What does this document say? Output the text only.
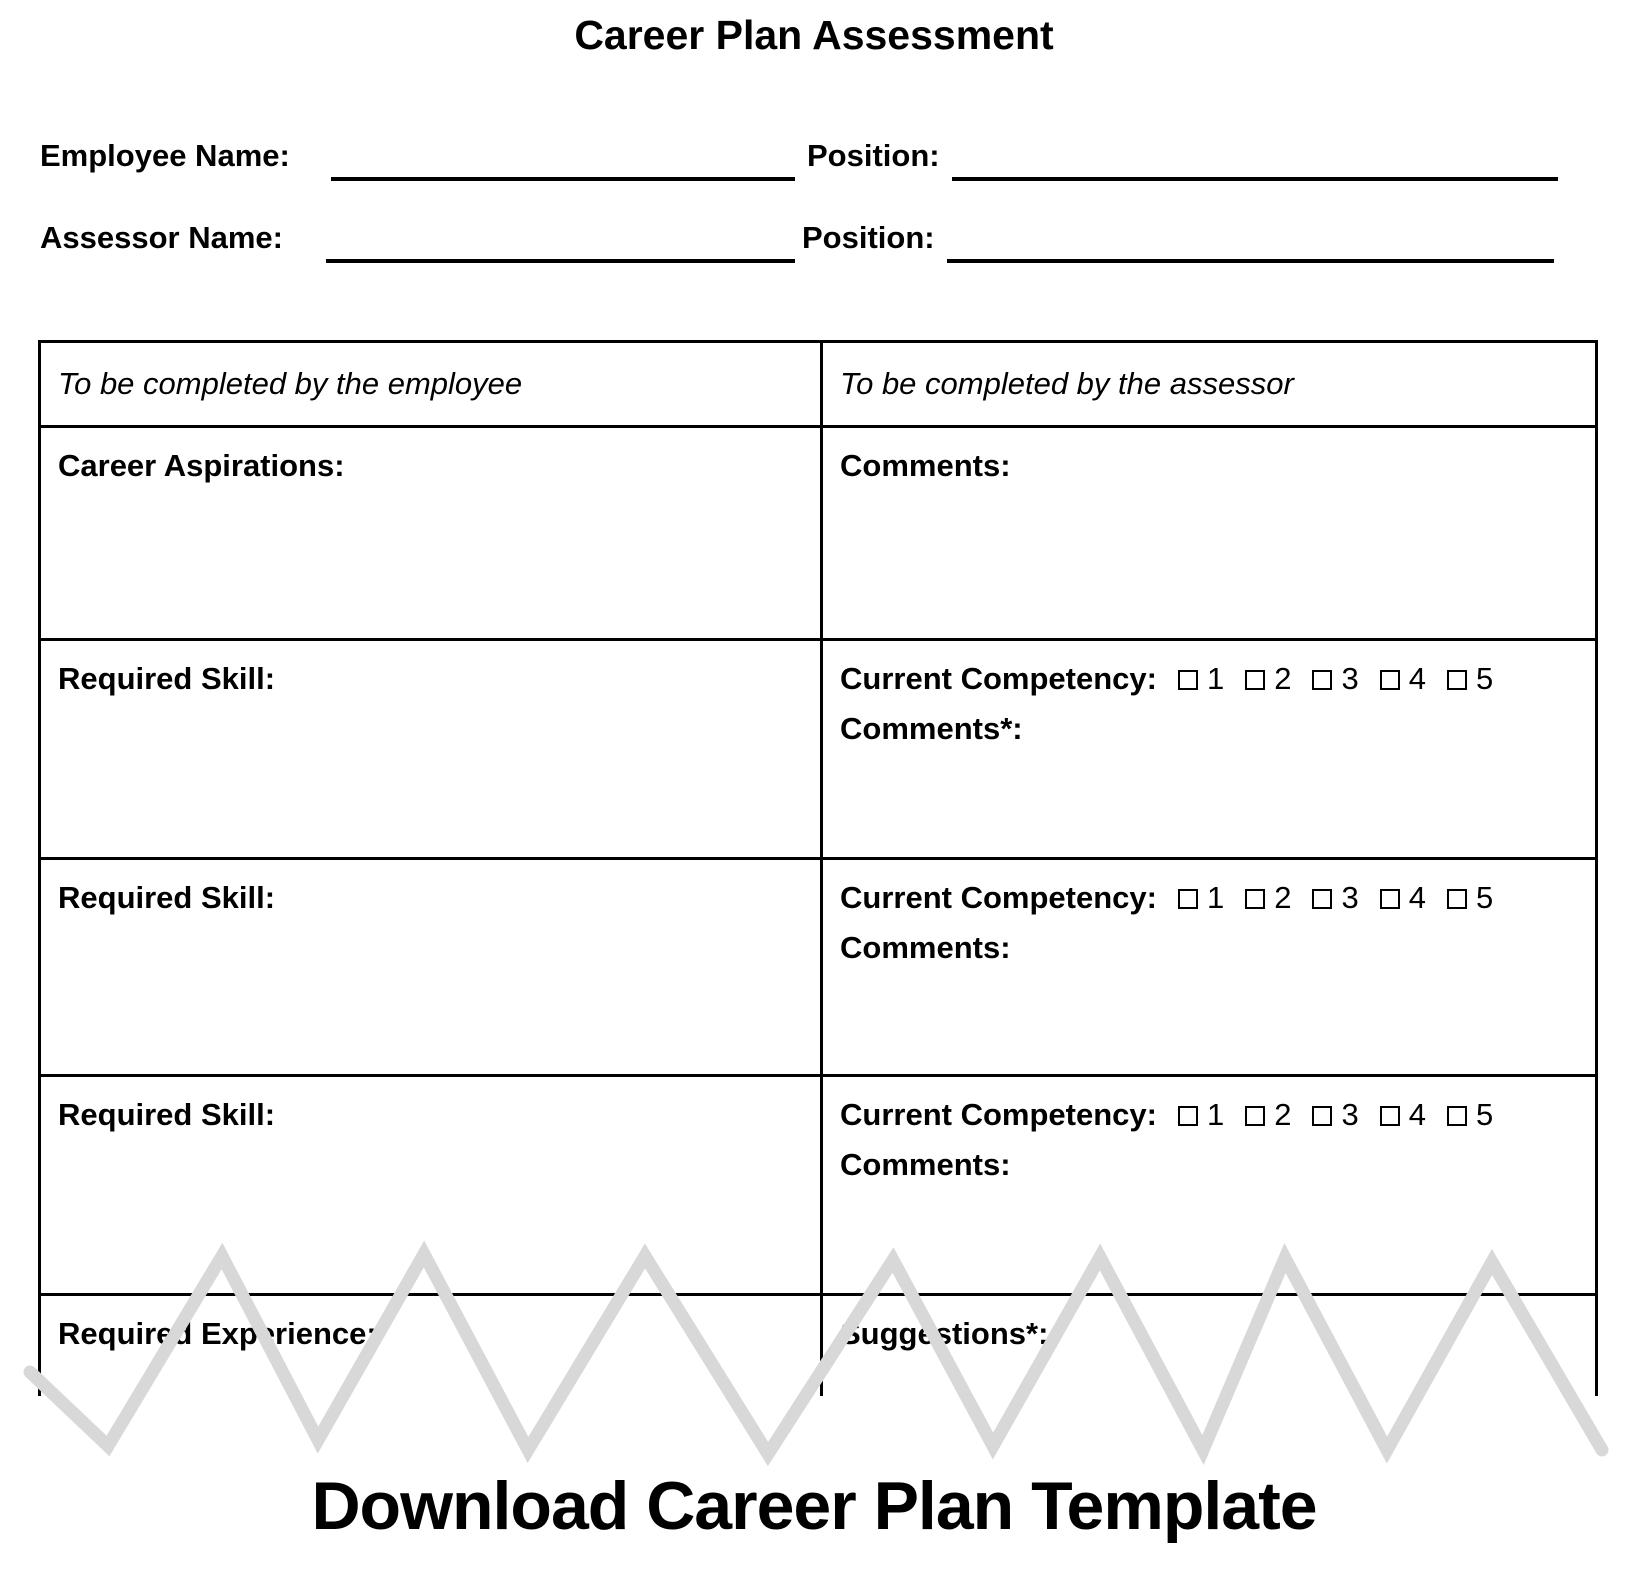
Career Plan Assessment
Employee Name:	Position:
Assessor Name:	Position:
To be completed by the employee	To be completed by the assessor
Career Aspirations:	Comments:
Required Skill:	Current Competency: 1 2 3 4 5
Comments*:
Required Skill:	Current Competency: 1 2 3 4 5
Comments:
Required Skill:	Current Competency: 1 2 3 4 5
Comments:
Required Experience:	Suggestions*:
Download Career Plan Template
